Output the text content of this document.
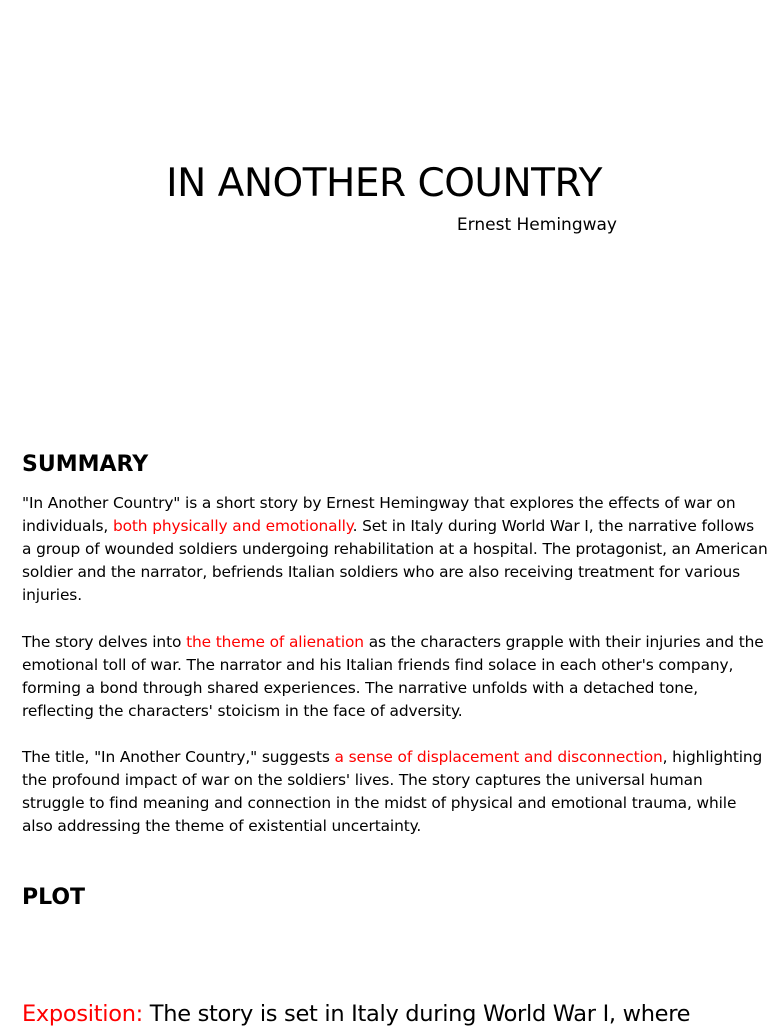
IN ANOTHER COUNTRY
Ernest Hemingway
SUMMARY

"In Another Country" is a short story by Ernest Hemingway that explores the effects of war on individuals, both physically and emotionally. Set in Italy during World War I, the narrative follows a group of wounded soldiers undergoing rehabilitation at a hospital. The protagonist, an American soldier and the narrator, befriends Italian soldiers who are also receiving treatment for various injuries.

The story delves into the theme of alienation as the characters grapple with their injuries and the emotional toll of war. The narrator and his Italian friends find solace in each other's company, forming a bond through shared experiences. The narrative unfolds with a detached tone, reflecting the characters' stoicism in the face of adversity.

The title, "In Another Country," suggests a sense of displacement and disconnection, highlighting the profound impact of war on the soldiers' lives. The story captures the universal human struggle to find meaning and connection in the midst of physical and emotional trauma, while also addressing the theme of existential uncertainty.

PLOT

Exposition: The story is set in Italy during World War I, where
